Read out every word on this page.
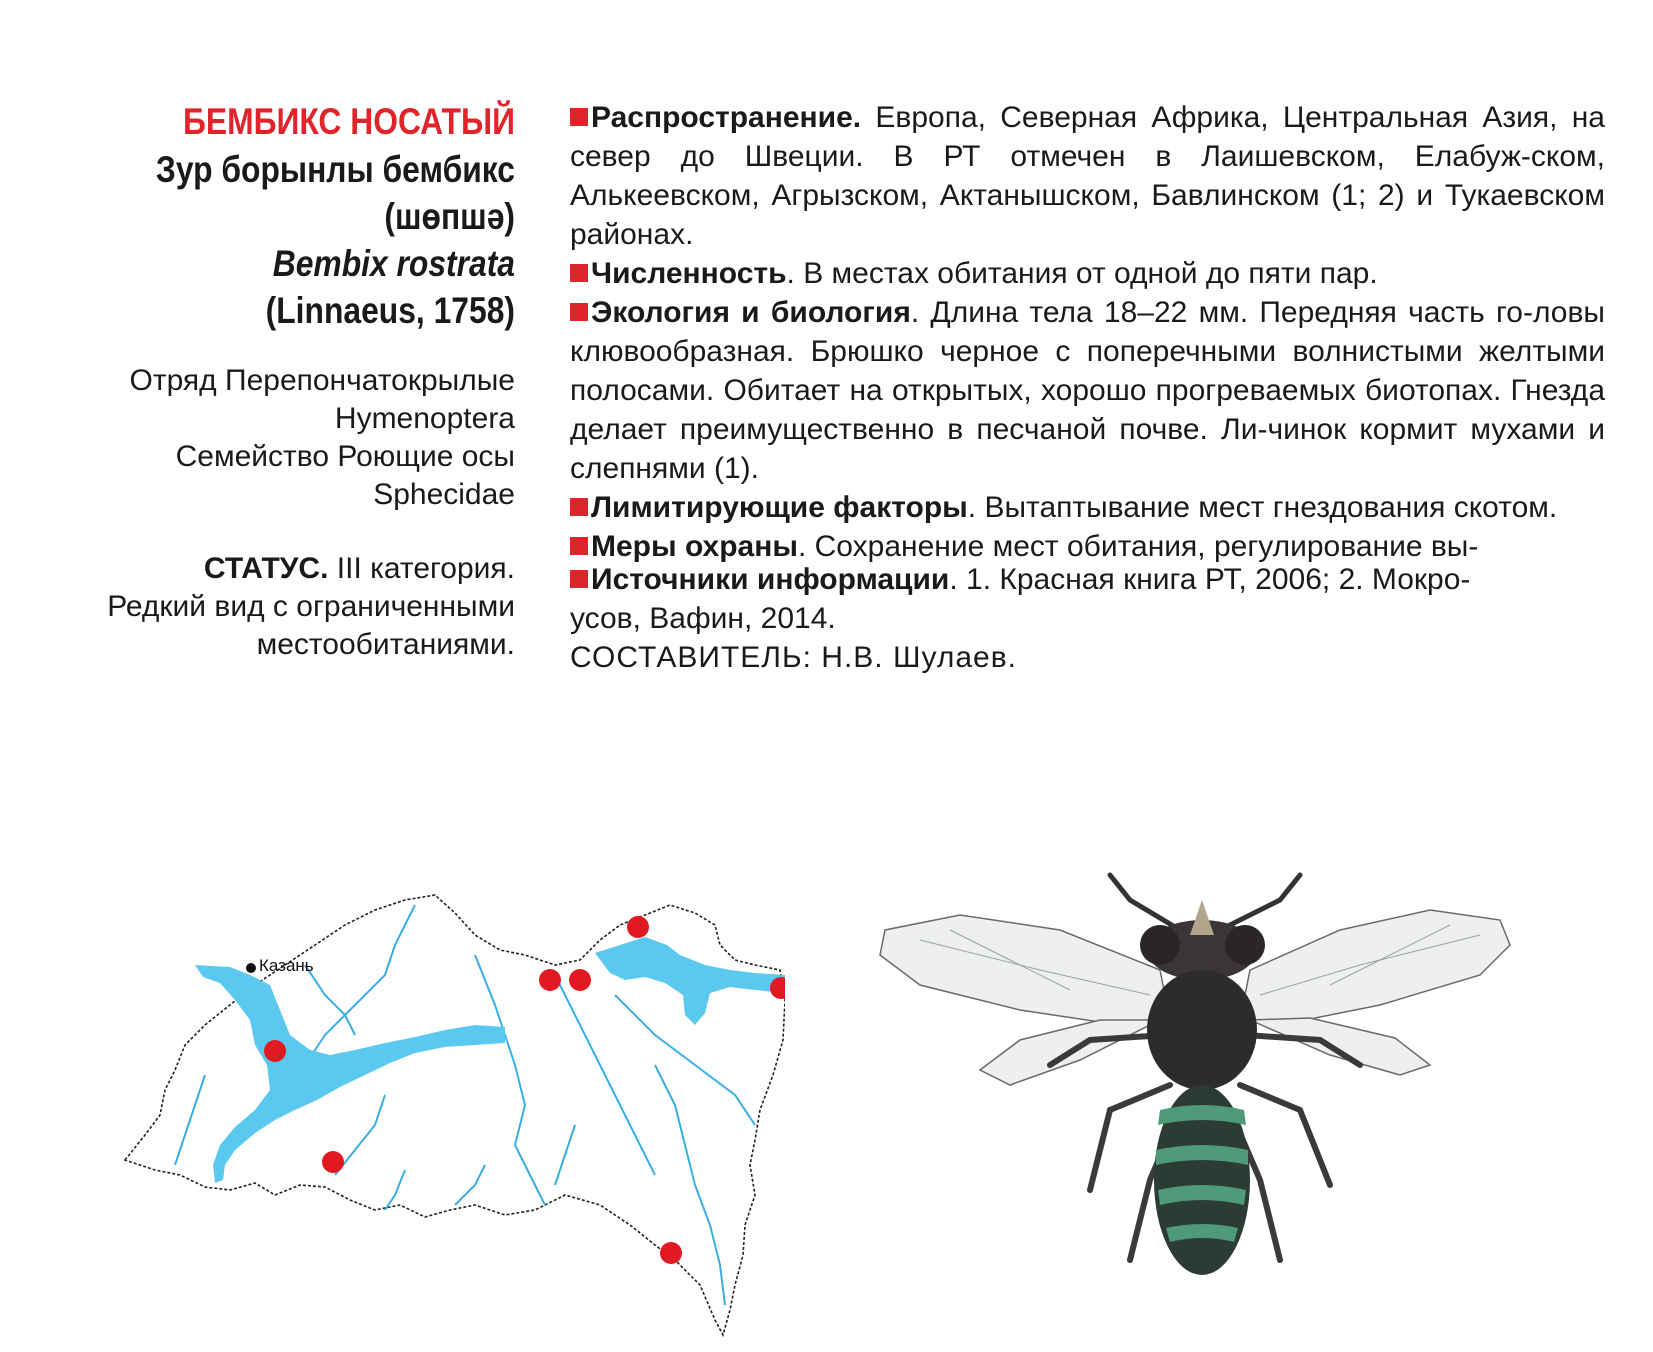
БЕМБИКС НОСАТЫЙ
Зур борынлы бембикс
(шөпшә)
Bembix rostrata
(Linnaeus, 1758)
Отряд Перепончатокрылые
Hymenoptera
Семейство Роющие осы
Sphecidae
СТАТУС. III категория.
Редкий вид с ограниченными
местообитаниями.

Распространение. Европа, Северная Африка, Центральная Азия, на север до Швеции. В РТ отмечен в Лаишевском, Елабуж-ском, Алькеевском, Агрызском, Актанышском, Бавлинском (1; 2) и Тукаевском районах.

Численность. В местах обитания от одной до пяти пар.

Экология и биология. Длина тела 18–22 мм. Передняя часть го-ловы клювообразная. Брюшко черное с поперечными волнистыми желтыми полосами. Обитает на открытых, хорошо прогреваемых биотопах. Гнезда делает преимущественно в песчаной почве. Ли-чинок кормит мухами и слепнями (1).

Лимитирующие факторы. Вытаптывание мест гнездования скотом.

Меры охраны. Сохранение мест обитания, регулирование вы-

Источники информации. 1. Красная книга РТ, 2006; 2. Мокро-

усов, Вафин, 2014.
СОСТАВИТЕЛЬ: Н.В. Шулаев.
Казань
